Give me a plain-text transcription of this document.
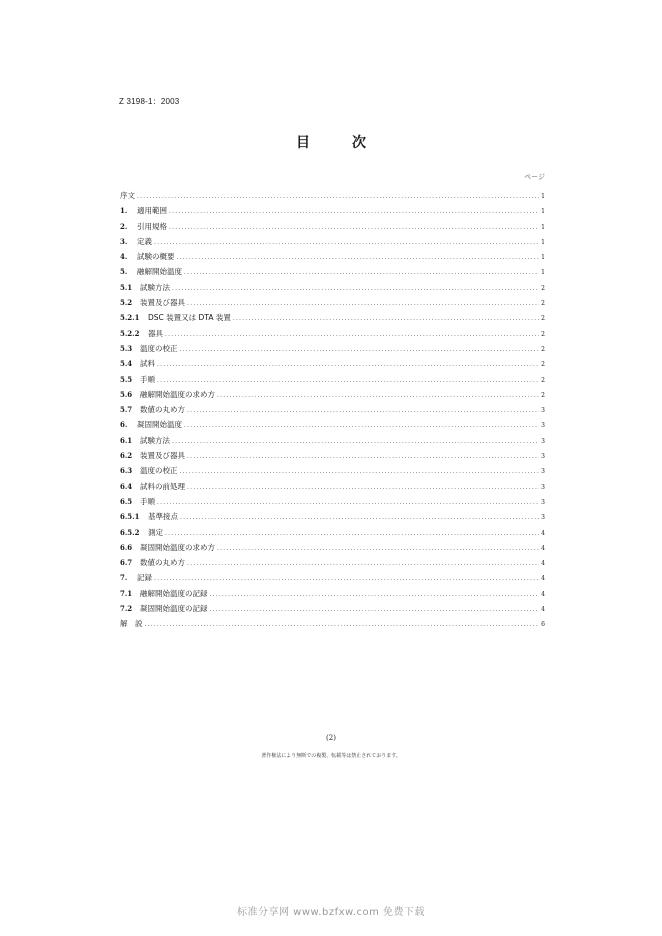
Z 3198-1：2003
目　次
ページ
序文 .....	1
1.	適用範囲 .....	1
2.	引用規格 .....	1
3.	定義 .....	1
4.	試験の概要 .....	1
5.	融解開始温度 .....	1
5.1	試験方法 .....	2
5.2	装置及び器具 .....	2
5.2.1	DSC 装置又は DTA 装置 .....	2
5.2.2	器具 .....	2
5.3	温度の校正 .....	2
5.4	試料 .....	2
5.5	手順 .....	2
5.6	融解開始温度の求め方 .....	2
5.7	数値の丸め方 .....	3
6.	凝固開始温度 .....	3
6.1	試験方法 .....	3
6.2	装置及び器具 .....	3
6.3	温度の校正 .....	3
6.4	試料の前処理 .....	3
6.5	手順 .....	3
6.5.1	基準接点 .....	3
6.5.2	測定 .....	4
6.6	凝固開始温度の求め方 .....	4
6.7	数値の丸め方 .....	4
7.	記録 .....	4
7.1	融解開始温度の記録 .....	4
7.2	凝固開始温度の記録 .....	4
解　説 .....	6
(2)
著作権法により無断での複製、転載等は禁止されております。
标准分享网 www.bzfxw.com 免费下载
